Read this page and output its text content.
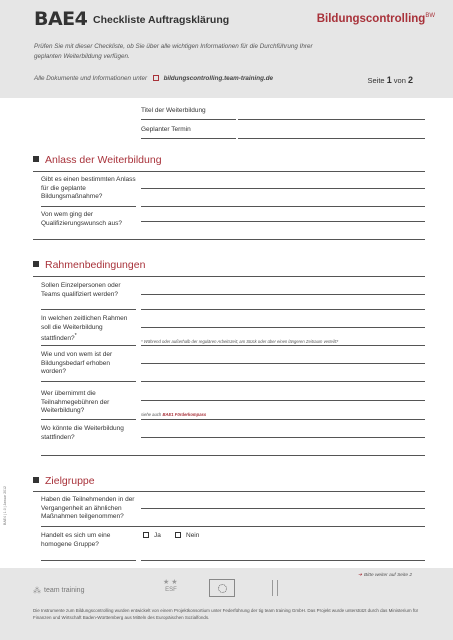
BAE4 Checkliste Auftragsklärung	Bildungscontrolling$^{BW}$
Prüfen Sie mit dieser Checkliste, ob Sie über alle wichtigen Informationen für die Durchführung Ihrer geplanten Weiterbildung verfügen.
Alle Dokumente und Informationen unter	bildungscontrolling.team-training.de	Seite 1 von 2
Titel der Weiterbildung
Geplanter Termin
Anlass der Weiterbildung
Gibt es einen bestimmten Anlass für die geplante Bildungsmaßnahme?
Von wem ging der Qualifizierungswunsch aus?
Rahmenbedingungen
Sollen Einzelpersonen oder Teams qualifiziert werden?
In welchen zeitlichen Rahmen soll die Weiterbildung stattfinden?*
* Während oder außerhalb der regulären Arbeitszeit; am Stück oder über einen längeren Zeitraum verteilt?
Wie und von wem ist der Bildungsbedarf erhoben worden?
Wer übernimmt die Teilnahmegebühren der Weiterbildung?
siehe auch BAE1 Förderkompass
Wo könnte die Weiterbildung stattfinden?
Zielgruppe
Haben die Teilnehmenden in der Vergangenheit an ähnlichen Maßnahmen teilgenommen?
Handelt es sich um eine homogene Gruppe?
Ja	Nein
BAE4 | 1.0 | Januar 2012
➔ Bitte weiter auf Seite 2
⁂ team training
★ ★
ESF
Die Instrumente zum Bildungscontrolling wurden entwickelt von einem Projektkonsortium unter Federführung der tig team training GmbH. Das Projekt wurde unterstützt durch das Ministerium für Finanzen und Wirtschaft Baden-Württemberg aus Mitteln des Europäischen Sozialfonds.
